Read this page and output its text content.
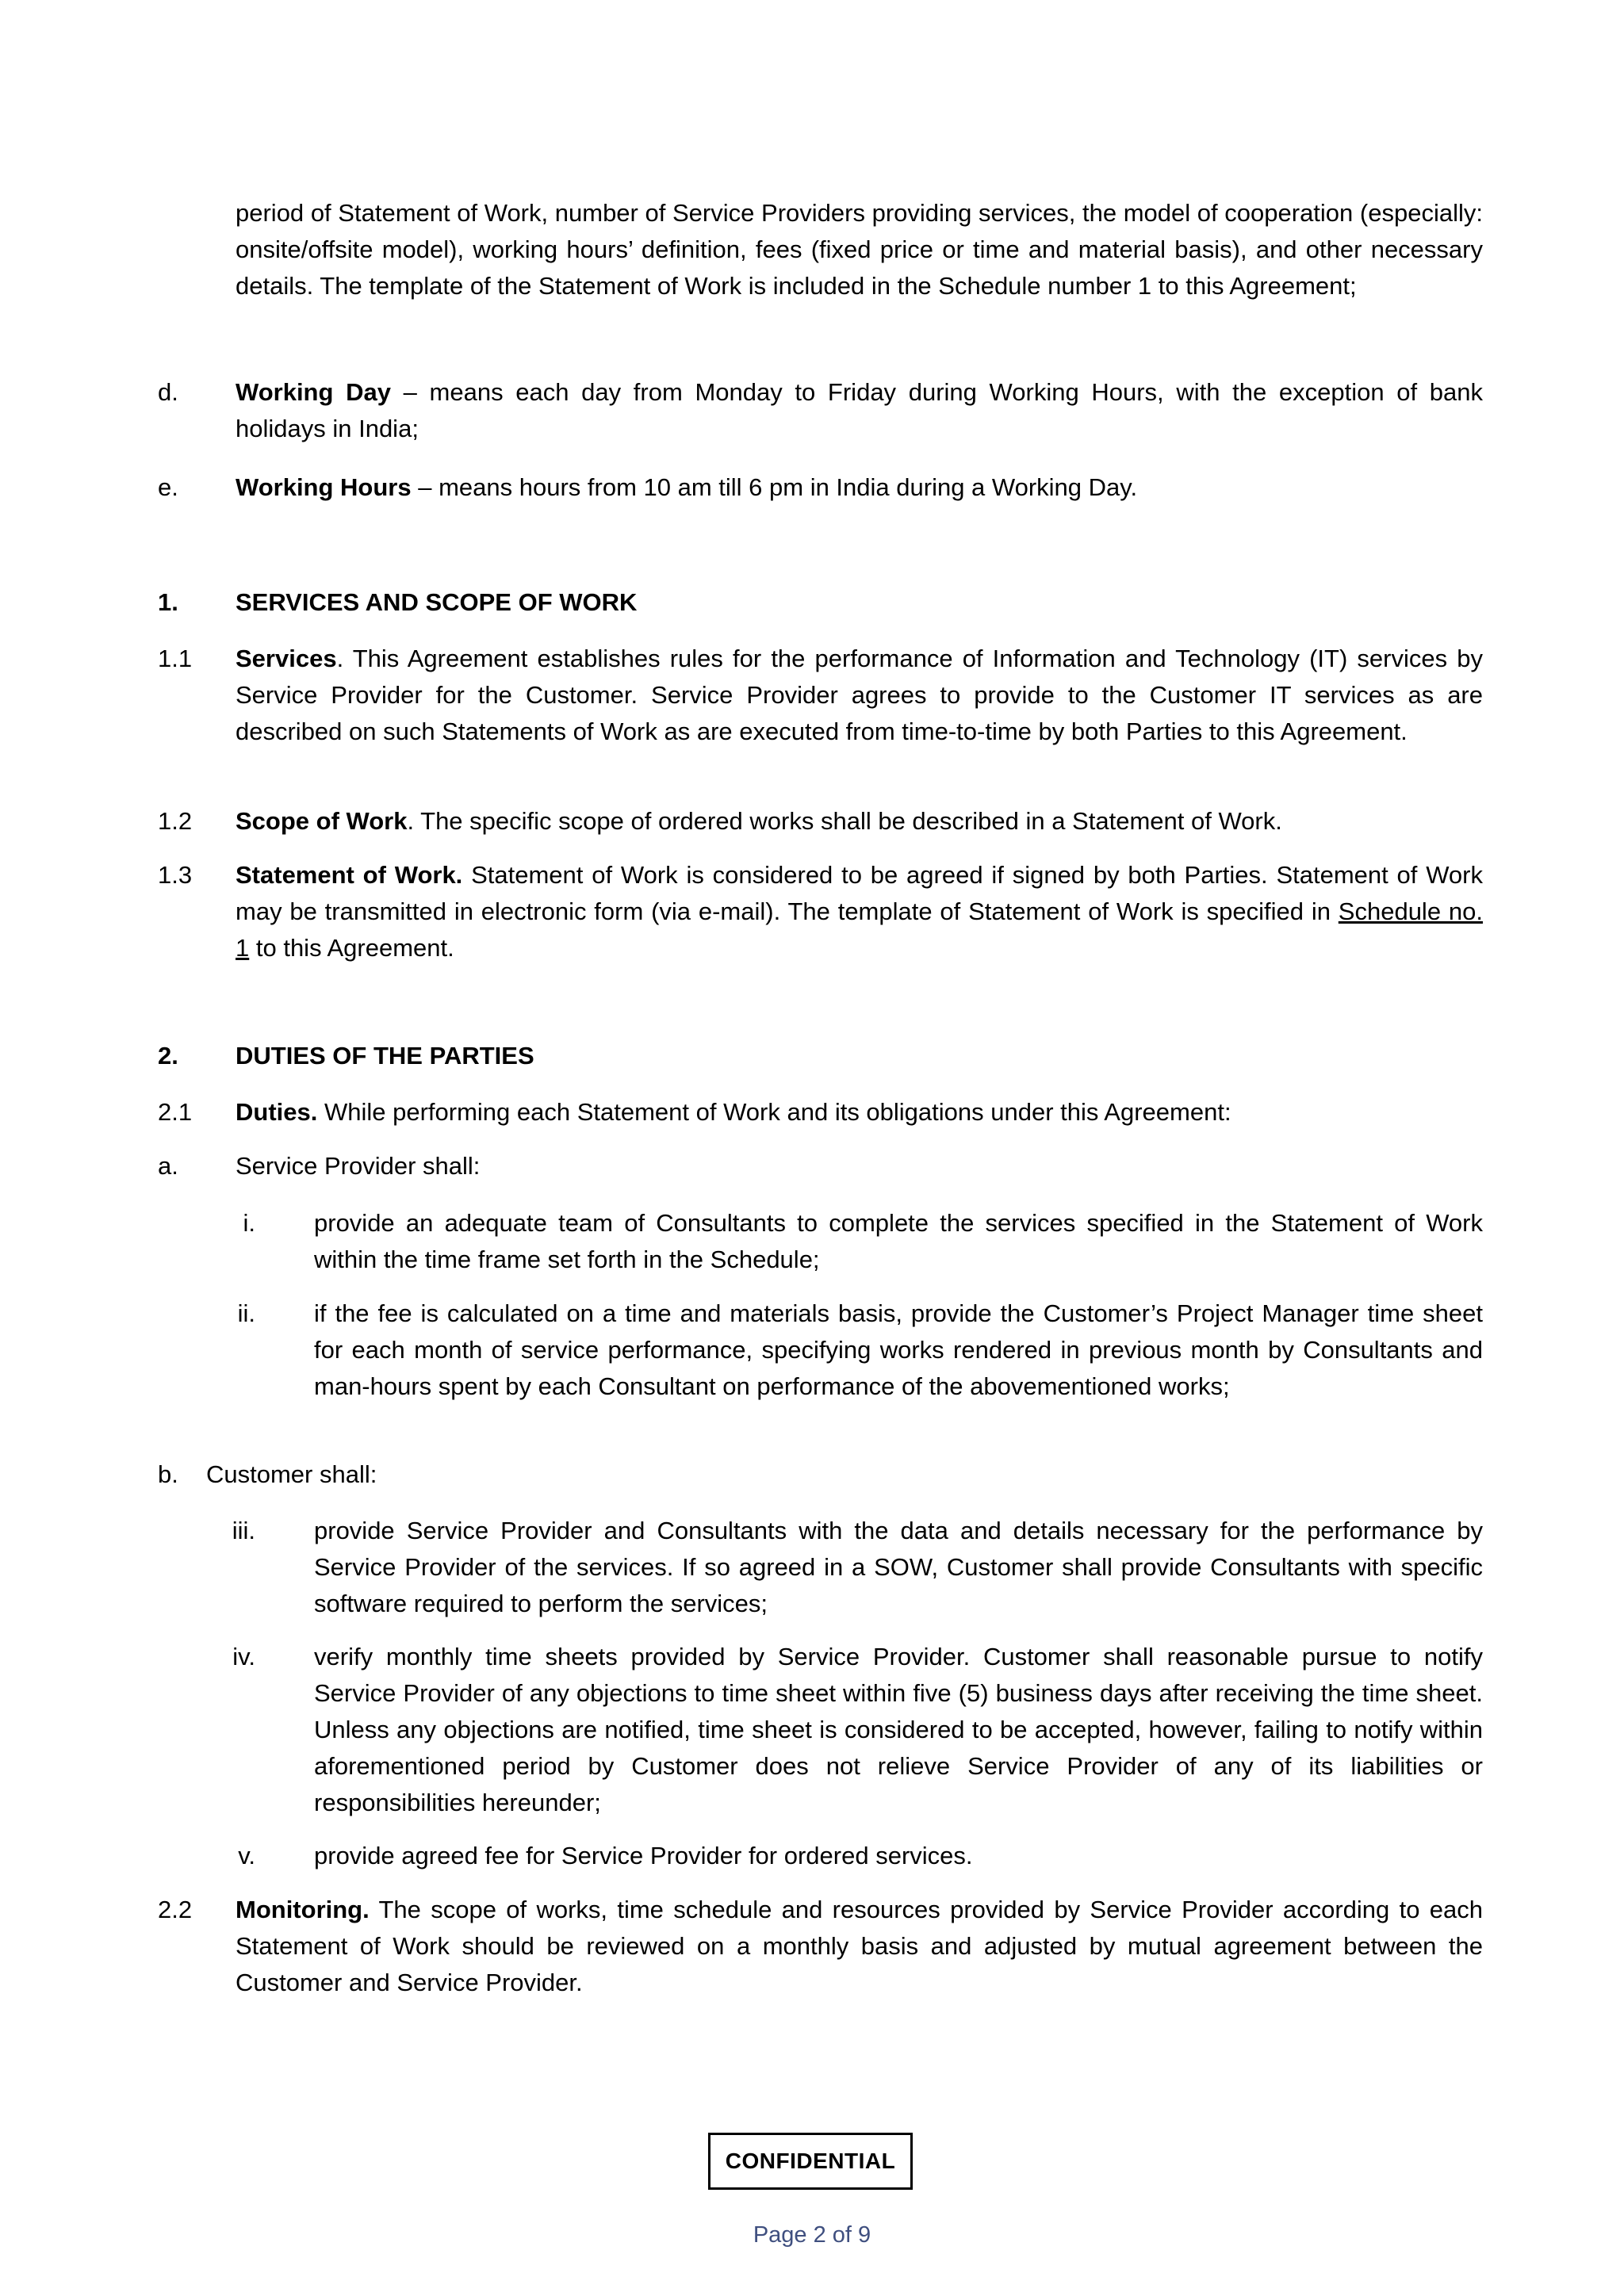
period of Statement of Work, number of Service Providers providing services, the model of cooperation (especially: onsite/offsite model), working hours’ definition, fees (fixed price or time and material basis), and other necessary details. The template of the Statement of Work is included in the Schedule number 1 to this Agreement;

d. Working Day – means each day from Monday to Friday during Working Hours, with the exception of bank holidays in India;

e. Working Hours – means hours from 10 am till 6 pm in India during a Working Day.

1. SERVICES AND SCOPE OF WORK

1.1 Services. This Agreement establishes rules for the performance of Information and Technology (IT) services by Service Provider for the Customer. Service Provider agrees to provide to the Customer IT services as are described on such Statements of Work as are executed from time-to-time by both Parties to this Agreement.

1.2 Scope of Work. The specific scope of ordered works shall be described in a Statement of Work.

1.3 Statement of Work. Statement of Work is considered to be agreed if signed by both Parties. Statement of Work may be transmitted in electronic form (via e-mail). The template of Statement of Work is specified in Schedule no. 1 to this Agreement.

2. DUTIES OF THE PARTIES

2.1 Duties. While performing each Statement of Work and its obligations under this Agreement:

a. Service Provider shall:

i. provide an adequate team of Consultants to complete the services specified in the Statement of Work within the time frame set forth in the Schedule;

ii. if the fee is calculated on a time and materials basis, provide the Customer’s Project Manager time sheet for each month of service performance, specifying works rendered in previous month by Consultants and man-hours spent by each Consultant on performance of the abovementioned works;

b. Customer shall:

iii. provide Service Provider and Consultants with the data and details necessary for the performance by Service Provider of the services. If so agreed in a SOW, Customer shall provide Consultants with specific software required to perform the services;

iv. verify monthly time sheets provided by Service Provider. Customer shall reasonable pursue to notify Service Provider of any objections to time sheet within five (5) business days after receiving the time sheet. Unless any objections are notified, time sheet is considered to be accepted, however, failing to notify within aforementioned period by Customer does not relieve Service Provider of any of its liabilities or responsibilities hereunder;

v. provide agreed fee for Service Provider for ordered services.

2.2 Monitoring. The scope of works, time schedule and resources provided by Service Provider according to each Statement of Work should be reviewed on a monthly basis and adjusted by mutual agreement between the Customer and Service Provider.

CONFIDENTIAL
Page 2 of 9
